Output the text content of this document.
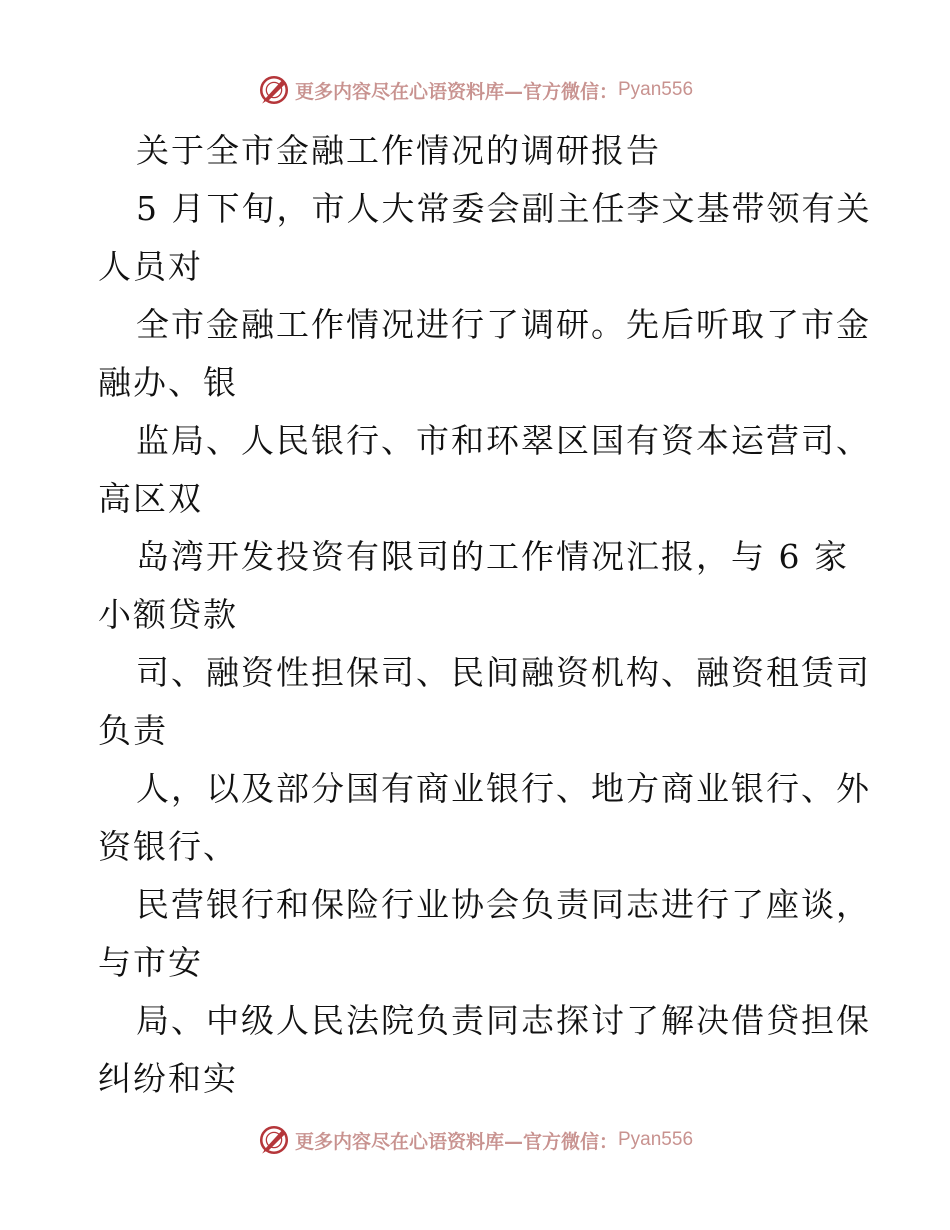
更多内容尽在心语资料库—官方微信： Pyan556
关于全市金融工作情况的调研报告
5 月下旬，市人大常委会副主任李文基带领有关
人员对
全市金融工作情况进行了调研。先后听取了市金
融办、银
监局、人民银行、市和环翠区国有资本运营司、
高区双
岛湾开发投资有限司的工作情况汇报，与 6 家
小额贷款
司、融资性担保司、民间融资机构、融资租赁司
负责
人，以及部分国有商业银行、地方商业银行、外
资银行、
民营银行和保险行业协会负责同志进行了座谈，
与市安
局、中级人民法院负责同志探讨了解决借贷担保
纠纷和实
更多内容尽在心语资料库—官方微信： Pyan556
